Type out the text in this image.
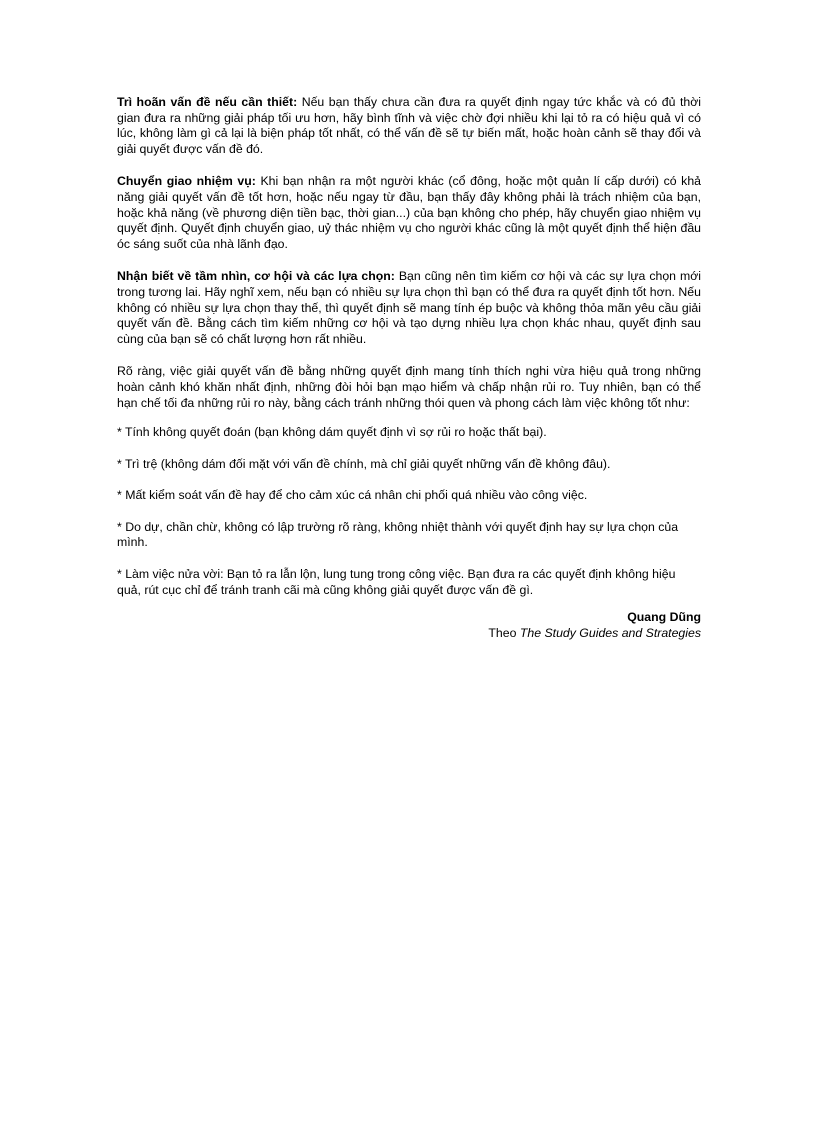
Trì hoãn vấn đề nếu cần thiết: Nếu bạn thấy chưa cần đưa ra quyết định ngay tức khắc và có đủ thời gian đưa ra những giải pháp tối ưu hơn, hãy bình tĩnh và việc chờ đợi nhiều khi lại tỏ ra có hiệu quả vì có lúc, không làm gì cả lại là biện pháp tốt nhất, có thể vấn đề sẽ tự biến mất, hoặc hoàn cảnh sẽ thay đổi và giải quyết được vấn đề đó.

Chuyển giao nhiệm vụ: Khi bạn nhận ra một người khác (cổ đông, hoặc một quản lí cấp dưới) có khả năng giải quyết vấn đề tốt hơn, hoặc nếu ngay từ đầu, bạn thấy đây không phải là trách nhiệm của bạn, hoặc khả năng (về phương diện tiền bạc, thời gian...) của bạn không cho phép, hãy chuyển giao nhiệm vụ quyết định. Quyết định chuyển giao, uỷ thác nhiệm vụ cho người khác cũng là một quyết định thể hiện đầu óc sáng suốt của nhà lãnh đạo.

Nhận biết về tầm nhìn, cơ hội và các lựa chọn: Bạn cũng nên tìm kiếm cơ hội và các sự lựa chọn mới trong tương lai. Hãy nghĩ xem, nếu bạn có nhiều sự lựa chọn thì bạn có thể đưa ra quyết định tốt hơn. Nếu không có nhiều sự lựa chọn thay thế, thì quyết định sẽ mang tính ép buộc và không thỏa mãn yêu cầu giải quyết vấn đề. Bằng cách tìm kiếm những cơ hội và tạo dựng nhiều lựa chọn khác nhau, quyết định sau cùng của bạn sẽ có chất lượng hơn rất nhiều.

Rõ ràng, việc giải quyết vấn đề bằng những quyết định mang tính thích nghi vừa hiệu quả trong những hoàn cảnh khó khăn nhất định, những đòi hỏi bạn mạo hiểm và chấp nhận rủi ro. Tuy nhiên, bạn có thể hạn chế tối đa những rủi ro này, bằng cách tránh những thói quen và phong cách làm việc không tốt như:

* Tính không quyết đoán (bạn không dám quyết định vì sợ rủi ro hoặc thất bại).

* Trì trệ (không dám đối mặt với vấn đề chính, mà chỉ giải quyết những vấn đề không đâu).

* Mất kiểm soát vấn đề hay để cho cảm xúc cá nhân chi phối quá nhiều vào công việc.

* Do dự, chần chừ, không có lập trường rõ ràng, không nhiệt thành với quyết định hay sự lựa chọn của mình.

* Làm việc nửa vời: Bạn tỏ ra lẫn lộn, lung tung trong công việc. Bạn đưa ra các quyết định không hiệu quả, rút cục chỉ để tránh tranh cãi mà cũng không giải quyết được vấn đề gì.

Quang Dũng
Theo The Study Guides and Strategies
